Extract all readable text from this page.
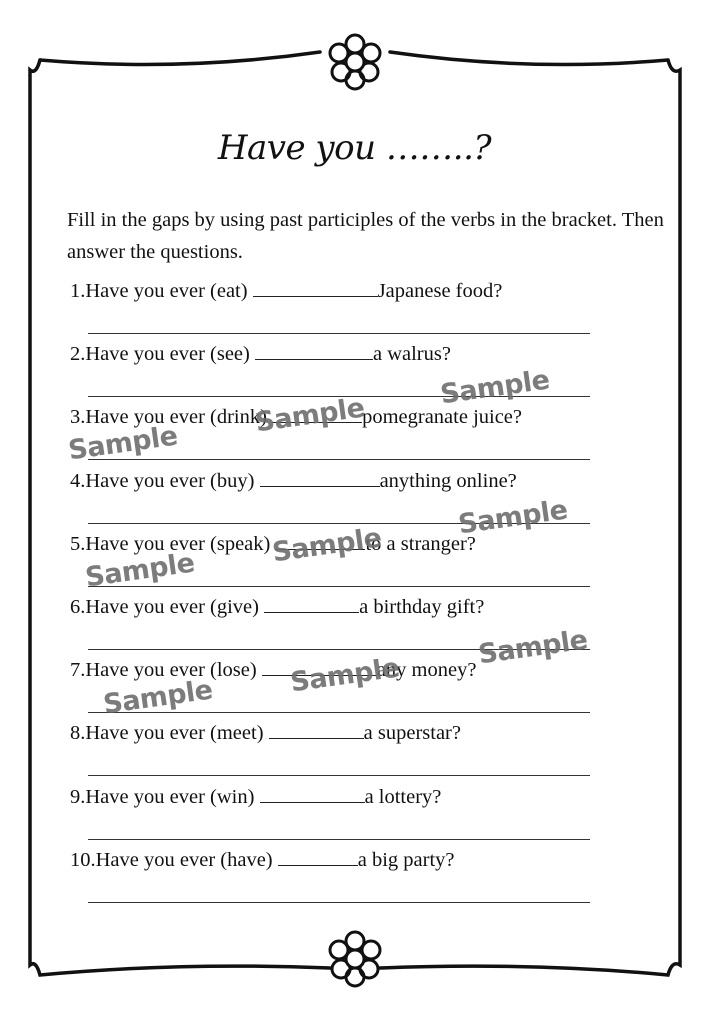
Have you ……..?
Fill in the gaps by using past participles of the verbs in the bracket. Then answer the questions.
1.Have you ever (eat)	Japanese food?
2.Have you ever (see)	a walrus?
3.Have you ever (drink)	pomegranate juice?
4.Have you ever (buy)	anything online?
5.Have you ever (speak)	to a stranger?
6.Have you ever (give)	a birthday gift?
7.Have you ever (lose)	any money?
8.Have you ever (meet)	a superstar?
9.Have you ever (win)	a lottery?
10.Have you ever (have)	a big party?
Sample
Sample
Sample
Sample
Sample
Sample
Sample
Sample
Sample
